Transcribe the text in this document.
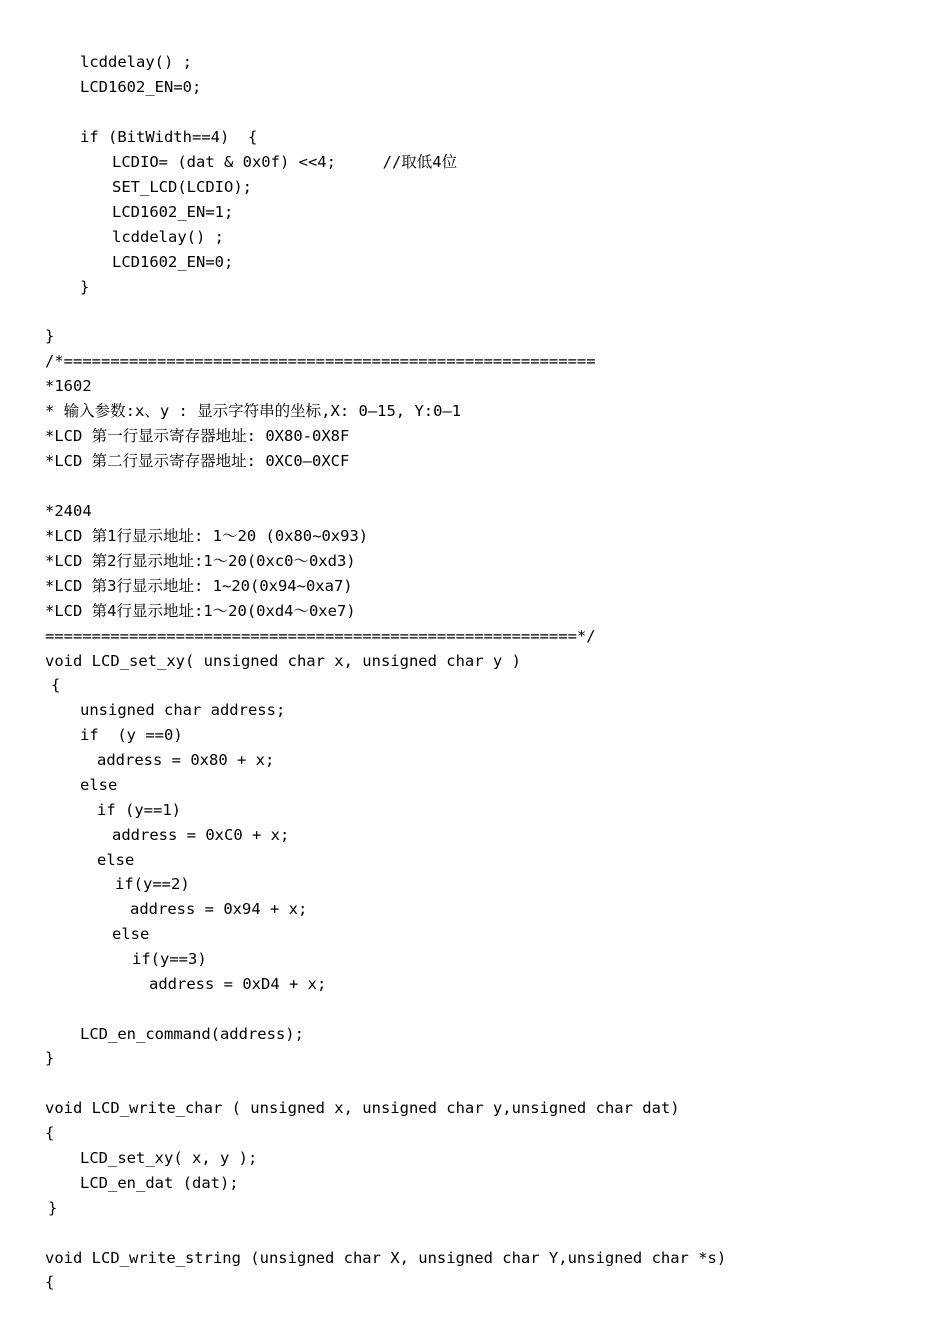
lcddelay() ;
LCD1602_EN=0;
if (BitWidth==4)  {
LCDIO= (dat & 0x0f) <<4;     //取低4位
SET_LCD(LCDIO);
LCD1602_EN=1;
lcddelay() ;
LCD1602_EN=0;
}
}
/*=========================================================
*1602
* 输入参数:x、y : 显示字符串的坐标,X: 0—15, Y:0—1
*LCD 第一行显示寄存器地址: 0X80-0X8F
*LCD 第二行显示寄存器地址: 0XC0—0XCF
*2404
*LCD 第1行显示地址: 1～20 (0x80~0x93)
*LCD 第2行显示地址:1～20(0xc0～0xd3)
*LCD 第3行显示地址: 1~20(0x94~0xa7)
*LCD 第4行显示地址:1～20(0xd4～0xe7)
=========================================================*/
void LCD_set_xy( unsigned char x, unsigned char y )
{
unsigned char address;
if  (y ==0)
address = 0x80 + x;
else
if (y==1)
address = 0xC0 + x;
else
if(y==2)
address = 0x94 + x;
else
if(y==3)
address = 0xD4 + x;
LCD_en_command(address);
}
void LCD_write_char ( unsigned x, unsigned char y,unsigned char dat)
{
LCD_set_xy( x, y );
LCD_en_dat (dat);
}
void LCD_write_string (unsigned char X, unsigned char Y,unsigned char *s)
{
